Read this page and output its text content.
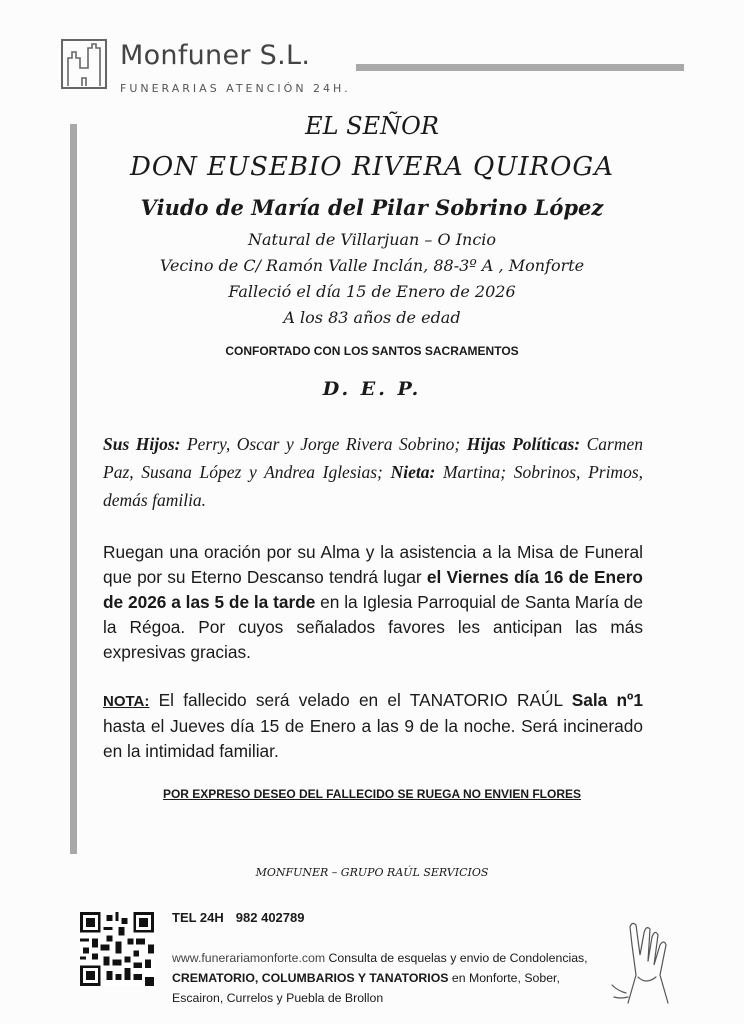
Monfuner S.L.
FUNERARIAS ATENCIÓN 24H.
EL SEÑOR
DON EUSEBIO RIVERA QUIROGA
Viudo de María del Pilar Sobrino López
Natural de Villarjuan – O Incio
Vecino de C/ Ramón Valle Inclán, 88-3º A , Monforte
Falleció el día 15 de Enero de 2026
A los 83 años de edad
CONFORTADO CON LOS SANTOS SACRAMENTOS
D. E. P.
Sus Hijos: Perry, Oscar y Jorge Rivera Sobrino; Hijas Políticas: Carmen Paz, Susana López y Andrea Iglesias; Nieta: Martina; Sobrinos, Primos, demás familia.
Ruegan una oración por su Alma y la asistencia a la Misa de Funeral que por su Eterno Descanso tendrá lugar el Viernes día 16 de Enero de 2026 a las 5 de la tarde en la Iglesia Parroquial de Santa María de la Régoa. Por cuyos señalados favores les anticipan las más expresivas gracias.
NOTA: El fallecido será velado en el TANATORIO RAÚL Sala nº1 hasta el Jueves día 15 de Enero a las 9 de la noche. Será incinerado en la intimidad familiar.
POR EXPRESO DESEO DEL FALLECIDO SE RUEGA NO ENVIEN FLORES
MONFUNER – GRUPO RAÚL SERVICIOS
TEL 24H 982 402789
www.funerariamonforte.com Consulta de esquelas y envio de Condolencias, CREMATORIO, COLUMBARIOS Y TANATORIOS en Monforte, Sober, Escairon, Currelos y Puebla de Brollon
